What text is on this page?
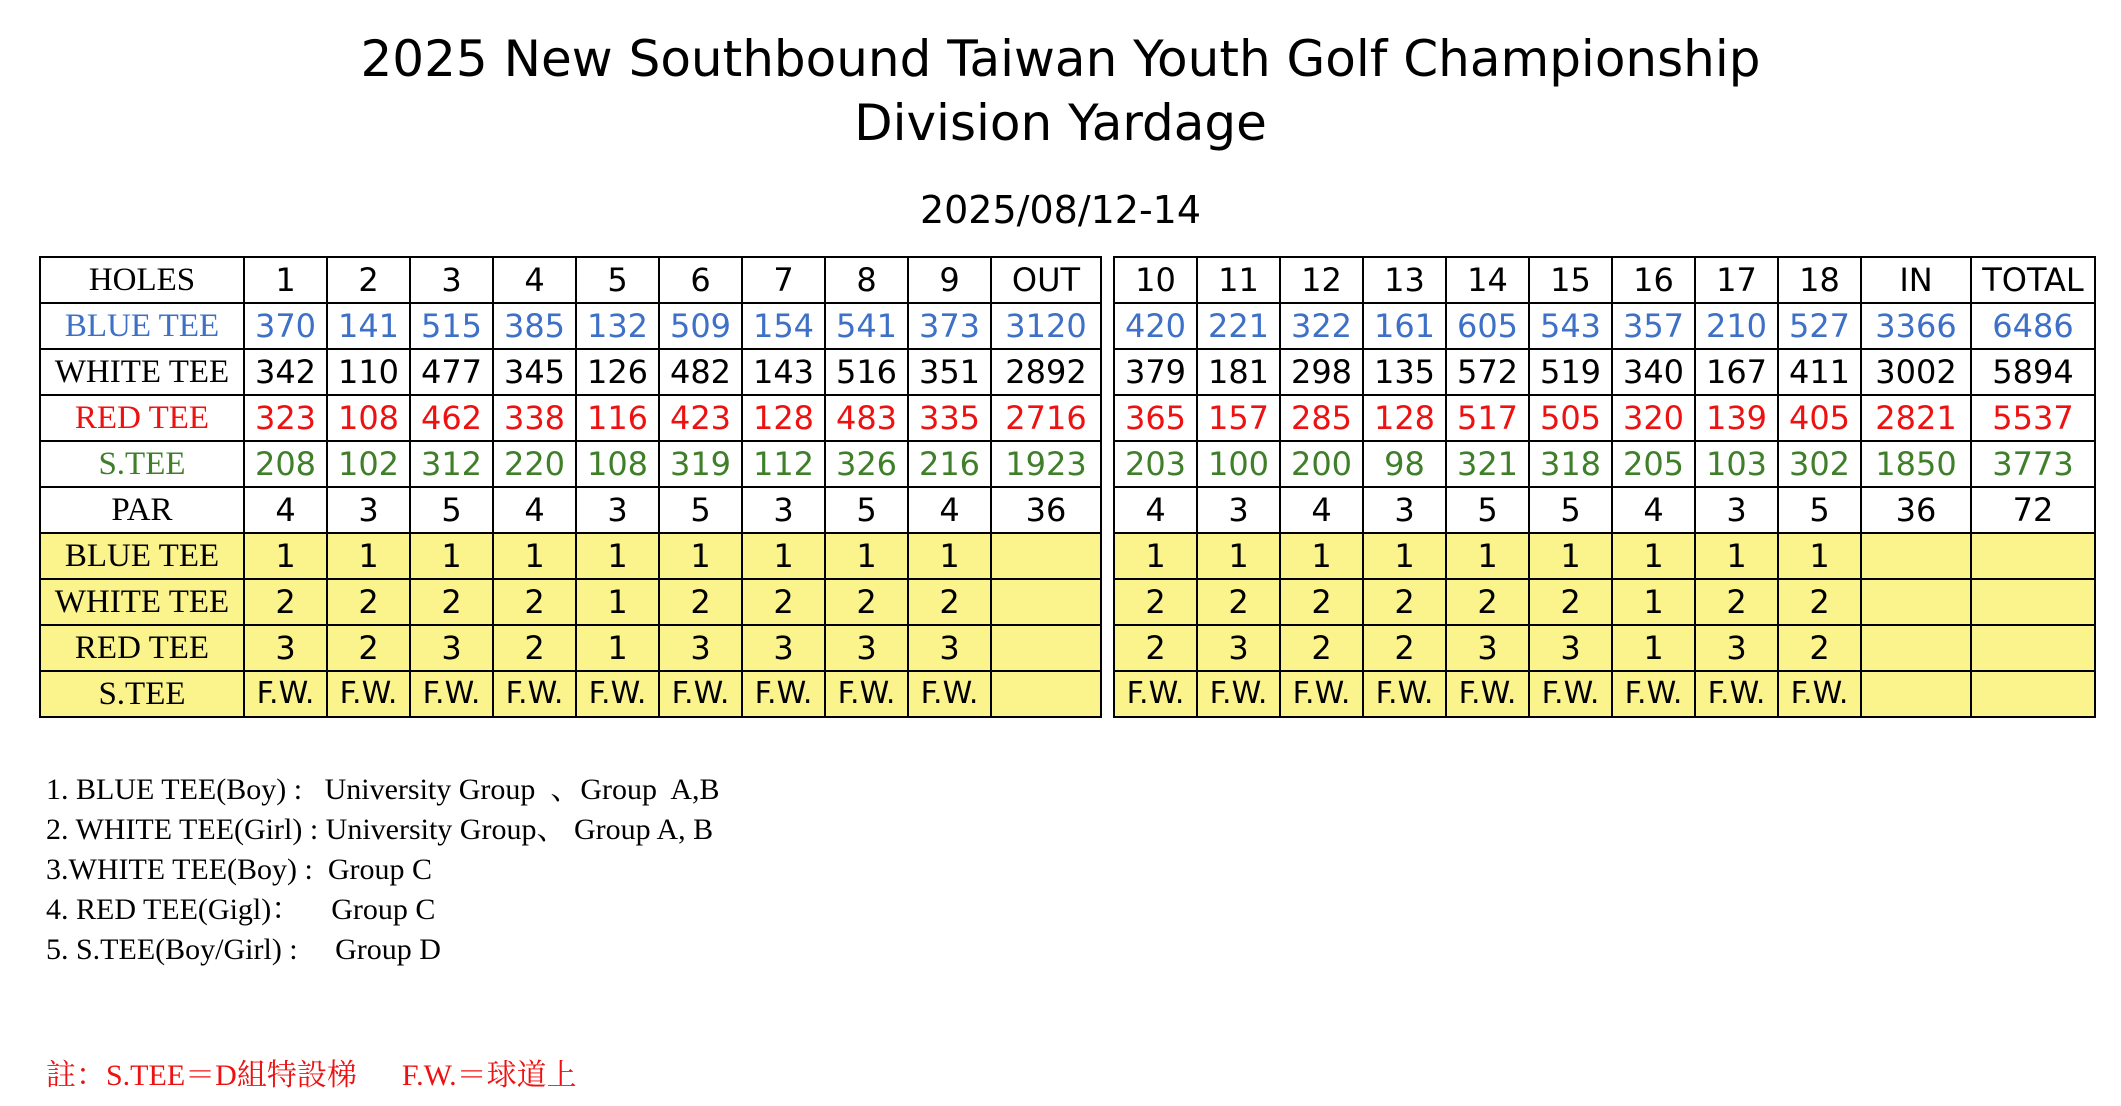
2025 New Southbound Taiwan Youth Golf Championship
Division Yardage
2025/08/12-14
HOLES	1	2	3	4	5	6	7	8	9	OUT
BLUE TEE	370	141	515	385	132	509	154	541	373	3120
WHITE TEE	342	110	477	345	126	482	143	516	351	2892
RED TEE	323	108	462	338	116	423	128	483	335	2716
S.TEE	208	102	312	220	108	319	112	326	216	1923
PAR	4	3	5	4	3	5	3	5	4	36
BLUE TEE	1	1	1	1	1	1	1	1	1	
WHITE TEE	2	2	2	2	1	2	2	2	2	
RED TEE	3	2	3	2	1	3	3	3	3	
S.TEE	F.W.	F.W.	F.W.	F.W.	F.W.	F.W.	F.W.	F.W.	F.W.	
10	11	12	13	14	15	16	17	18	IN	TOTAL
420	221	322	161	605	543	357	210	527	3366	6486
379	181	298	135	572	519	340	167	411	3002	5894
365	157	285	128	517	505	320	139	405	2821	5537
203	100	200	98	321	318	205	103	302	1850	3773
4	3	4	3	5	5	4	3	5	36	72
1	1	1	1	1	1	1	1	1		
2	2	2	2	2	2	1	2	2		
2	3	2	2	3	3	1	3	2		
F.W.	F.W.	F.W.	F.W.	F.W.	F.W.	F.W.	F.W.	F.W.		
1. BLUE TEE(Boy) :   University Group  、Group  A,B
2. WHITE TEE(Girl) : University Group、 Group A, B
3.WHITE TEE(Boy) :  Group C
4. RED TEE(Gigl)：    Group C
5. S.TEE(Boy/Girl) :     Group D
註：S.TEE＝D組特設梯      F.W.＝球道上
